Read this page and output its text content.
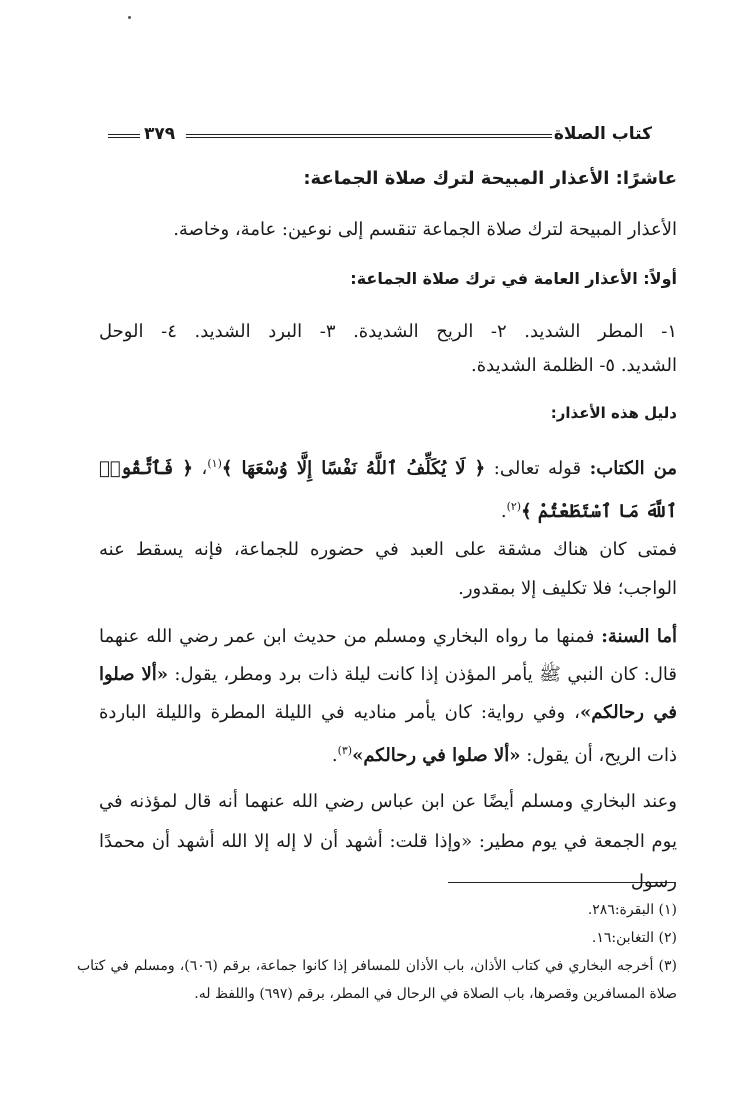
كتاب الصلاة
٣٧٩
عاشرًا: الأعذار المبيحة لترك صلاة الجماعة:
الأعذار المبيحة لترك صلاة الجماعة تنقسم إلى نوعين: عامة، وخاصة.
أولاً: الأعذار العامة في ترك صلاة الجماعة:
١- المطر الشديد. ٢- الريح الشديدة. ٣- البرد الشديد. ٤- الوحل
الشديد. ٥- الظلمة الشديدة.
دليل هذه الأعذار:
من الكتاب: قوله تعالى: ﴿ لَا يُكَلِّفُ ٱللَّهُ نَفْسًا إِلَّا وُسْعَهَا ﴾$^{(١)}$، ﴿ فَٱتَّقُوا۟ ٱللَّهَ مَا ٱسْتَطَعْتُمْ ﴾$^{(٢)}$.
فمتى كان هناك مشقة على العبد في حضوره للجماعة، فإنه يسقط عنه الواجب؛ فلا تكليف إلا بمقدور.
أما السنة: فمنها ما رواه البخاري ومسلم من حديث ابن عمر رضي الله عنهما قال: كان النبي ﷺ يأمر المؤذن إذا كانت ليلة ذات برد ومطر، يقول: «ألا صلوا في رحالكم»، وفي رواية: كان يأمر مناديه في الليلة المطرة والليلة الباردة ذات الريح، أن يقول: «ألا صلوا في رحالكم»$^{(٣)}$.
وعند البخاري ومسلم أيضًا عن ابن عباس رضي الله عنهما أنه قال لمؤذنه في يوم الجمعة في يوم مطير: «وإذا قلت: أشهد أن لا إله إلا الله أشهد أن محمدًا رسول
(١) البقرة:٢٨٦.
(٢) التغابن:١٦.
(٣) أخرجه البخاري في كتاب الأذان، باب الأذان للمسافر إذا كانوا جماعة، برقم (٦٠٦)، ومسلم في كتاب صلاة المسافرين وقصرها، باب الصلاة في الرحال في المطر، برقم (٦٩٧) واللفظ له.
